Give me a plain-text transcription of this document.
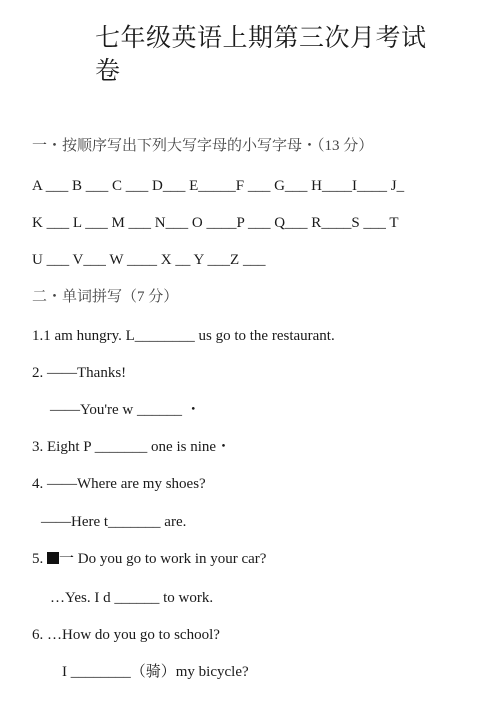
七年级英语上期第三次月考试卷
一・按顺序写出下列大写字母的小写字母・（13 分）
A ___ B ___ C ___ D___ E_____F ___ G___ H____I____ J_
K ___ L ___ M ___ N___ O ____P ___ Q___ R____S ___ T
U ___ V___ W ____ X __ Y ___Z ___
二・单词拼写（7 分）
1.1 am hungry. L________ us go to the restaurant.
2. ——Thanks!
——You're w ______ ・
3. Eight P _______ one is nine・
4. ——Where are my shoes?
——Here t_______ are.
5. 一 Do you go to work in your car?
…Yes. I d ______ to work.
6. …How do you go to school?
I ________（骑）my bicycle?
